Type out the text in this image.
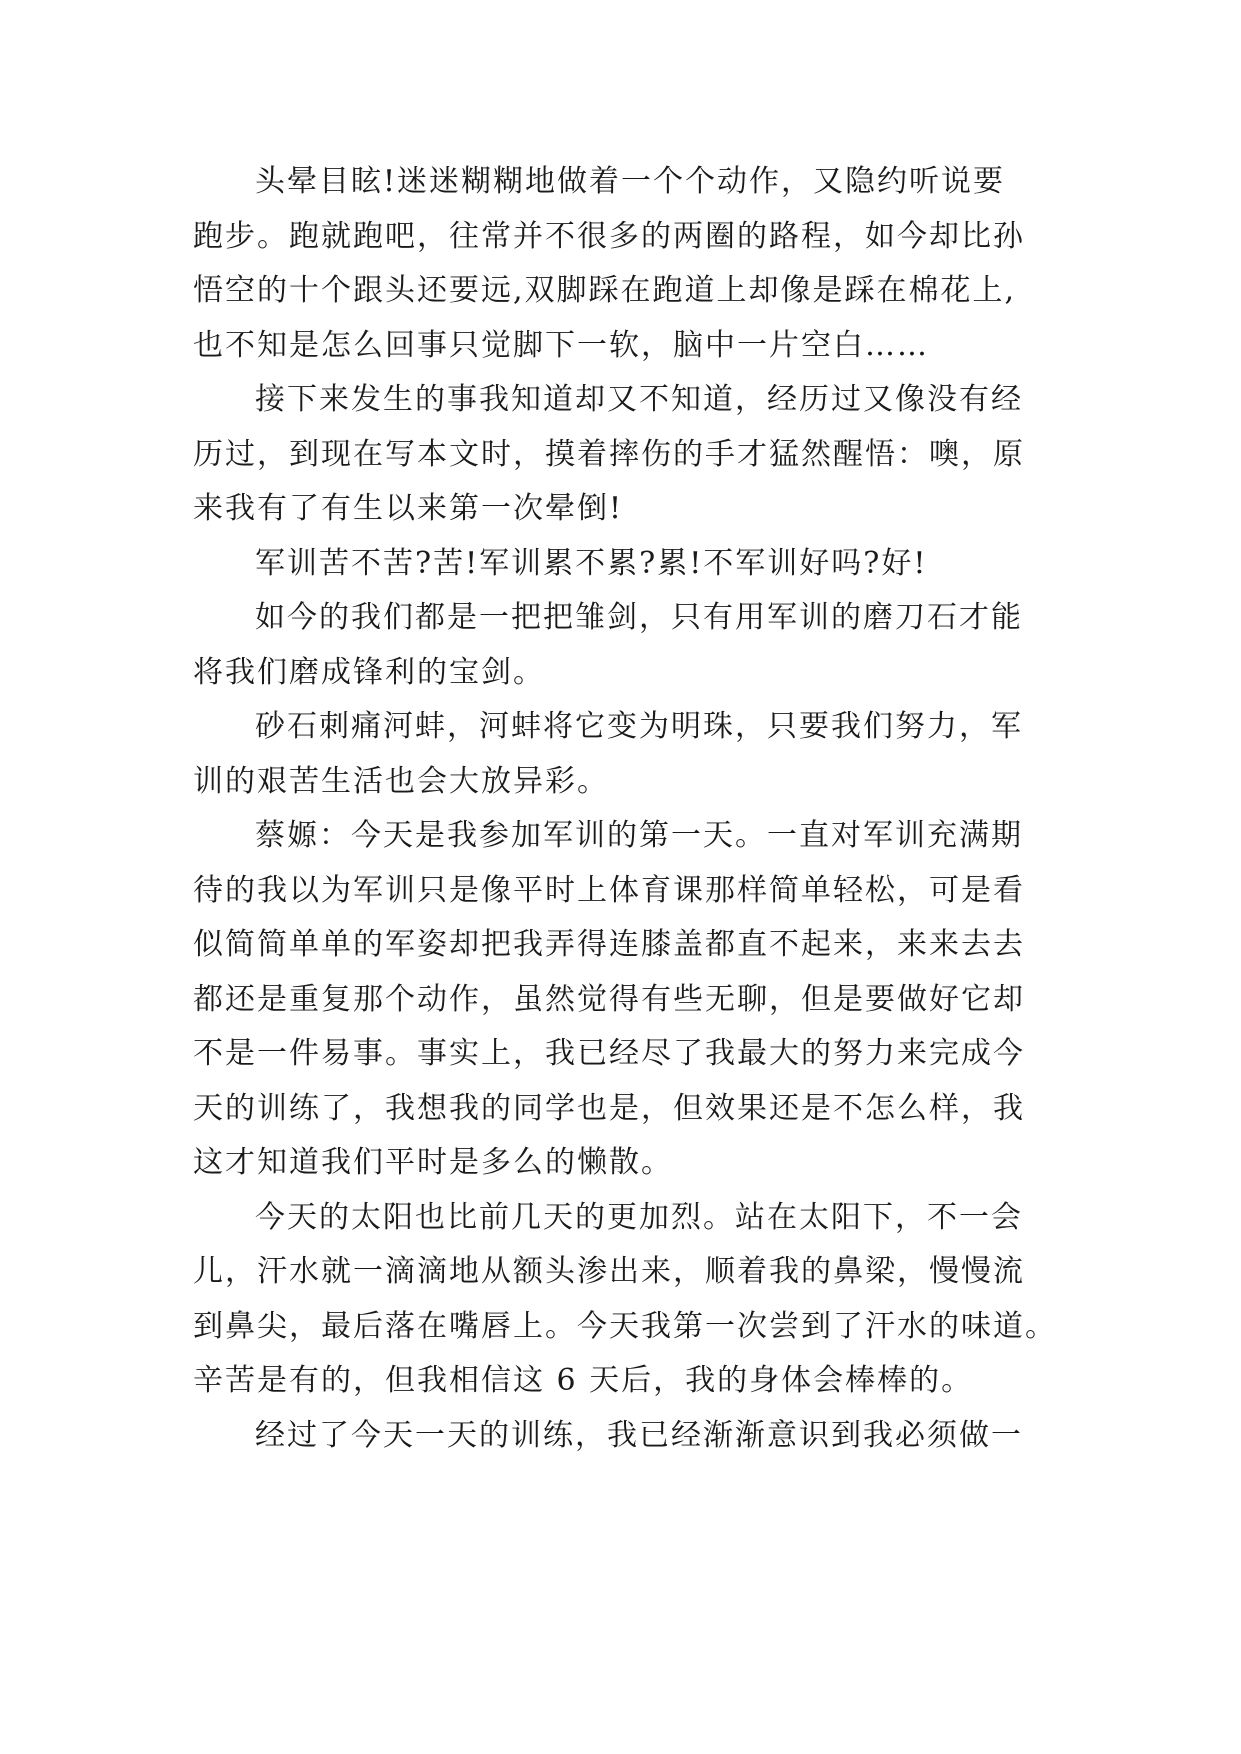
头晕目眩!迷迷糊糊地做着一个个动作，又隐约听说要
跑步。跑就跑吧，往常并不很多的两圈的路程，如今却比孙
悟空的十个跟头还要远,双脚踩在跑道上却像是踩在棉花上,
也不知是怎么回事只觉脚下一软，脑中一片空白……
接下来发生的事我知道却又不知道，经历过又像没有经
历过，到现在写本文时，摸着摔伤的手才猛然醒悟：噢，原
来我有了有生以来第一次晕倒!
军训苦不苦?苦!军训累不累?累!不军训好吗?好!
如今的我们都是一把把雏剑，只有用军训的磨刀石才能
将我们磨成锋利的宝剑。
砂石刺痛河蚌，河蚌将它变为明珠，只要我们努力，军
训的艰苦生活也会大放异彩。
蔡嫄：今天是我参加军训的第一天。一直对军训充满期
待的我以为军训只是像平时上体育课那样简单轻松，可是看
似简简单单的军姿却把我弄得连膝盖都直不起来，来来去去
都还是重复那个动作，虽然觉得有些无聊，但是要做好它却
不是一件易事。事实上，我已经尽了我最大的努力来完成今
天的训练了，我想我的同学也是，但效果还是不怎么样，我
这才知道我们平时是多么的懒散。
今天的太阳也比前几天的更加烈。站在太阳下，不一会
儿，汗水就一滴滴地从额头渗出来，顺着我的鼻梁，慢慢流
到鼻尖，最后落在嘴唇上。今天我第一次尝到了汗水的味道。
辛苦是有的，但我相信这 6 天后，我的身体会棒棒的。
经过了今天一天的训练，我已经渐渐意识到我必须做一
